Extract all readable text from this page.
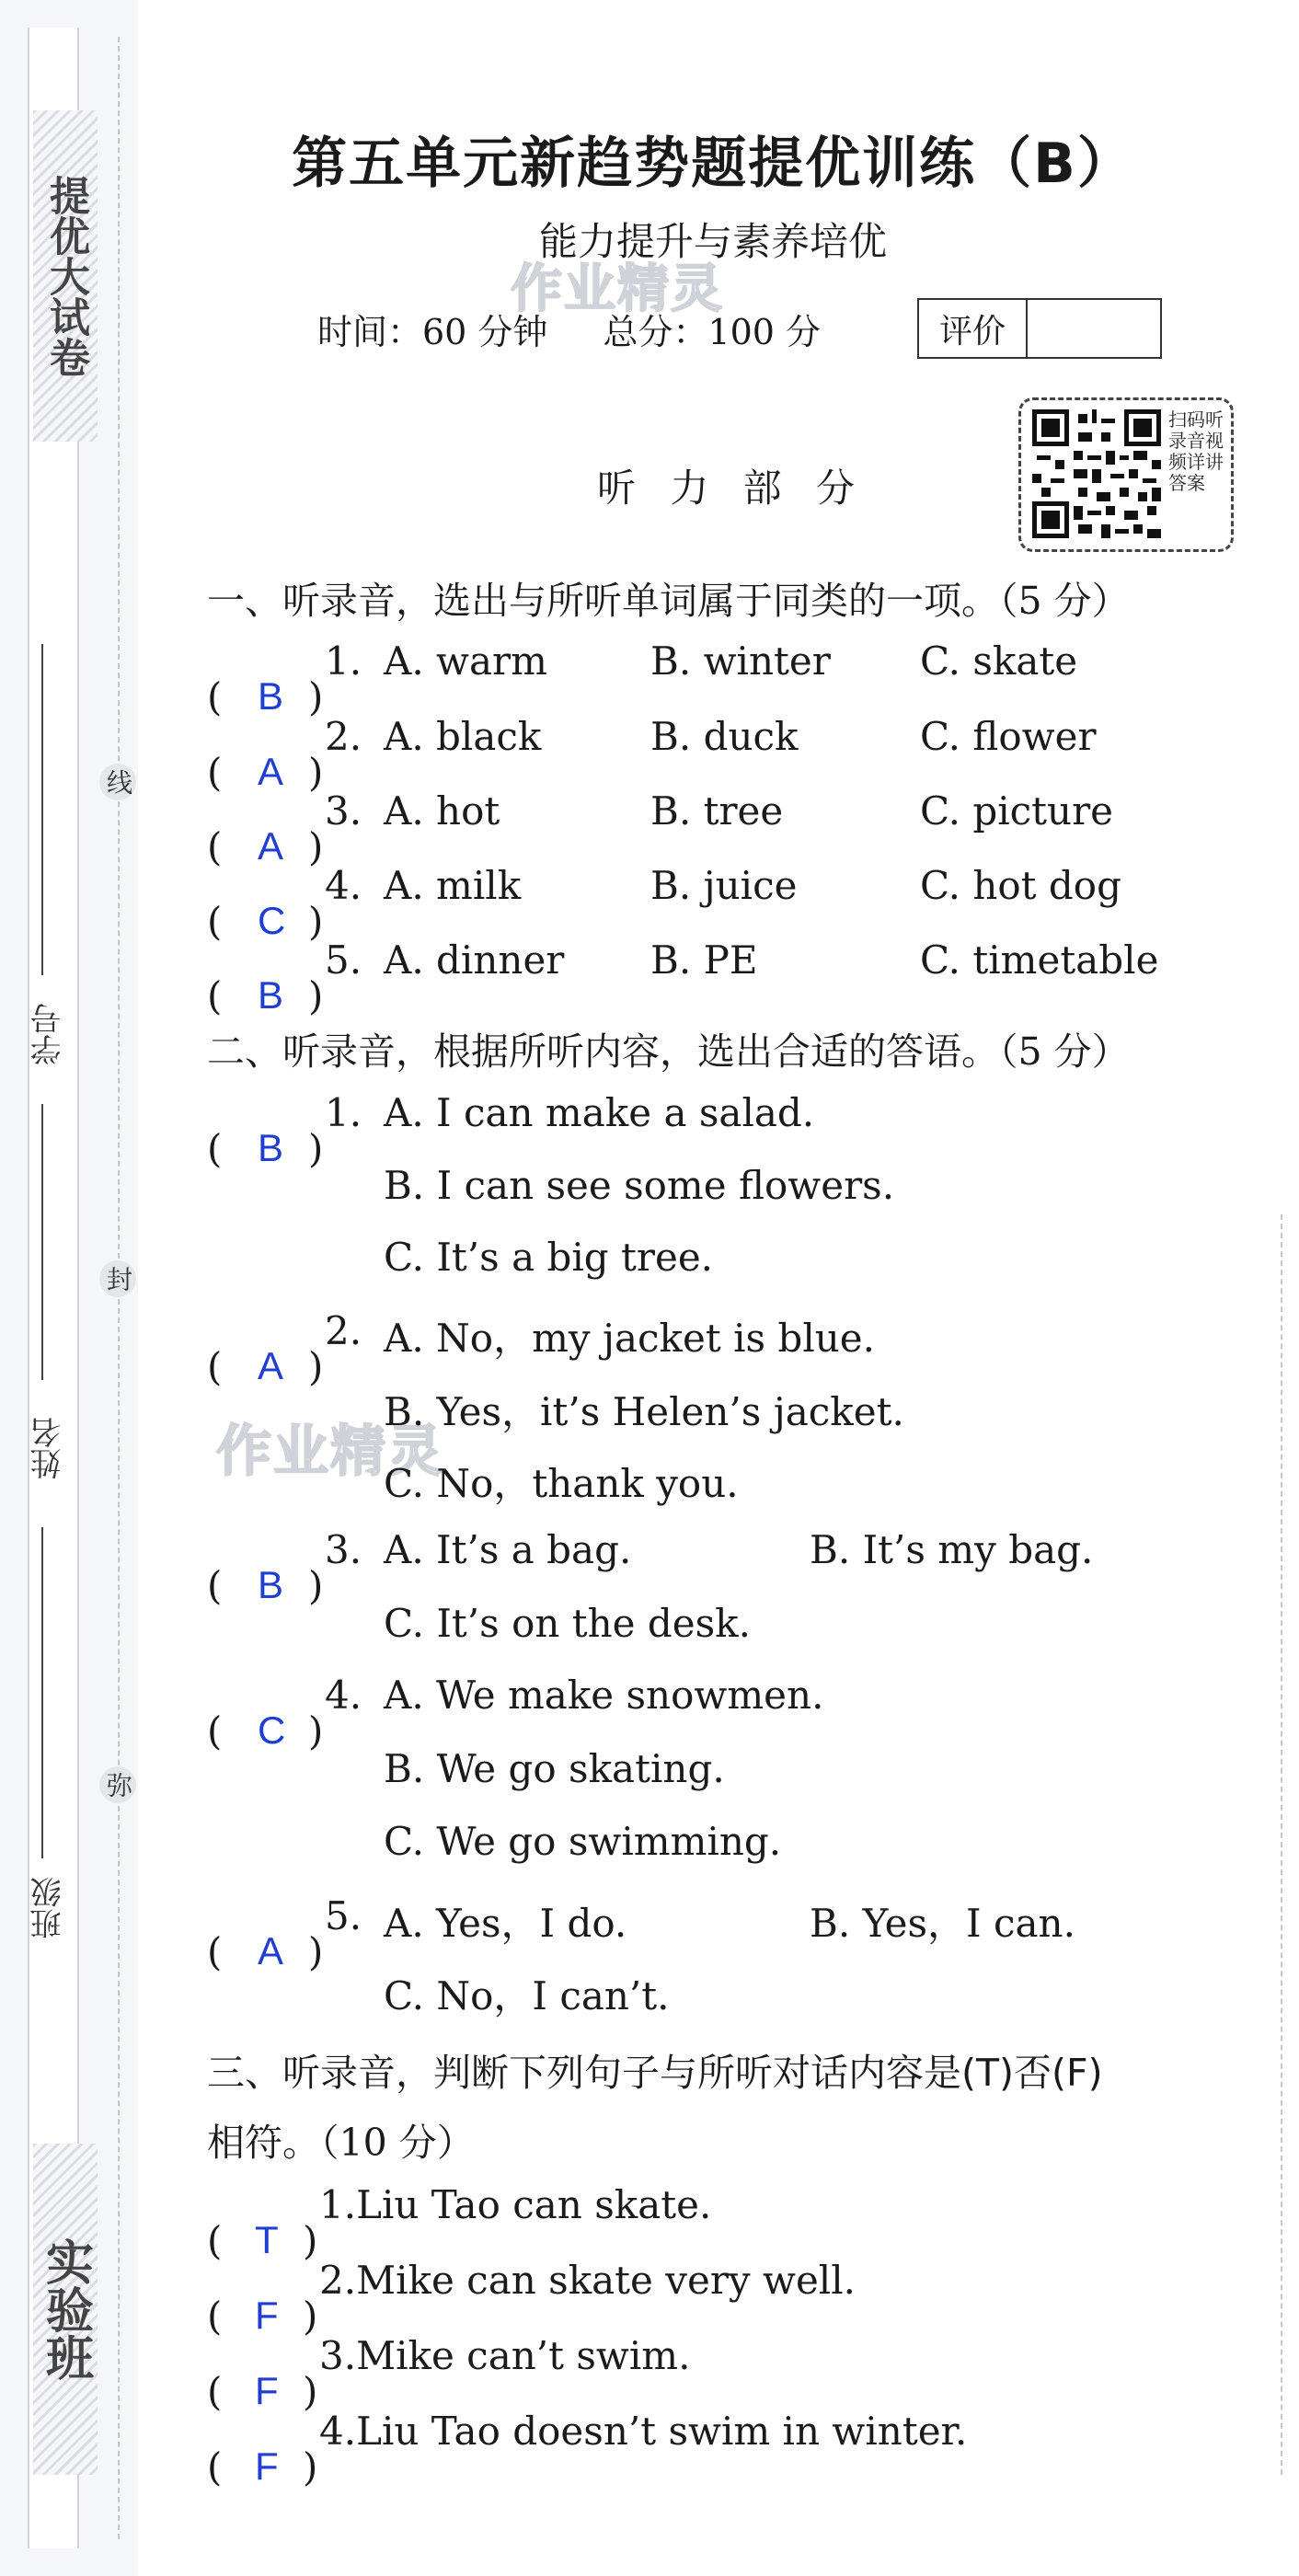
提优大试卷
实验班
学号
姓名
班级
线
封
弥
第五单元新趋势题提优训练（B）
能力提升与素养培优
作业精灵
作业精灵
时间：60 分钟 总分：100 分	评价
扫码听录音视频详讲答案
听 力 部 分
一、听录音，选出与所听单词属于同类的一项。（5 分）
( B )
1. A. warm	B. winter C. skate
( A )
2. A. black	B. duck	C. flower
( A )
3. A. hot	B. tree	C. picture
( C )
4. A. milk	B. juice	C. hot dog
( B )
5. A. dinner B. PE	C. timetable
二、听录音，根据所听内容，选出合适的答语。（5 分）
( B )
1. A. I can make a salad.
B. I can see some flowers.
C. It’s a big tree.
( A )
2. A. No，my jacket is blue.
B. Yes，it’s Helen’s jacket.
C. No，thank you.
( B )
3. A. It’s a bag.	B. It’s my bag.
C. It’s on the desk.
( C )
4. A. We make snowmen.
B. We go skating.
C. We go swimming.
( A )
5. A. Yes，I do.	B. Yes，I can.
C. No，I can’t.
三、听录音，判断下列句子与所听对话内容是(T)否(F)
相符。（10 分）
( T )
1.Liu Tao can skate.
( F )
2.Mike can skate very well.
( F )
3.Mike can’t swim.
( F )
4.Liu Tao doesn’t swim in winter.
